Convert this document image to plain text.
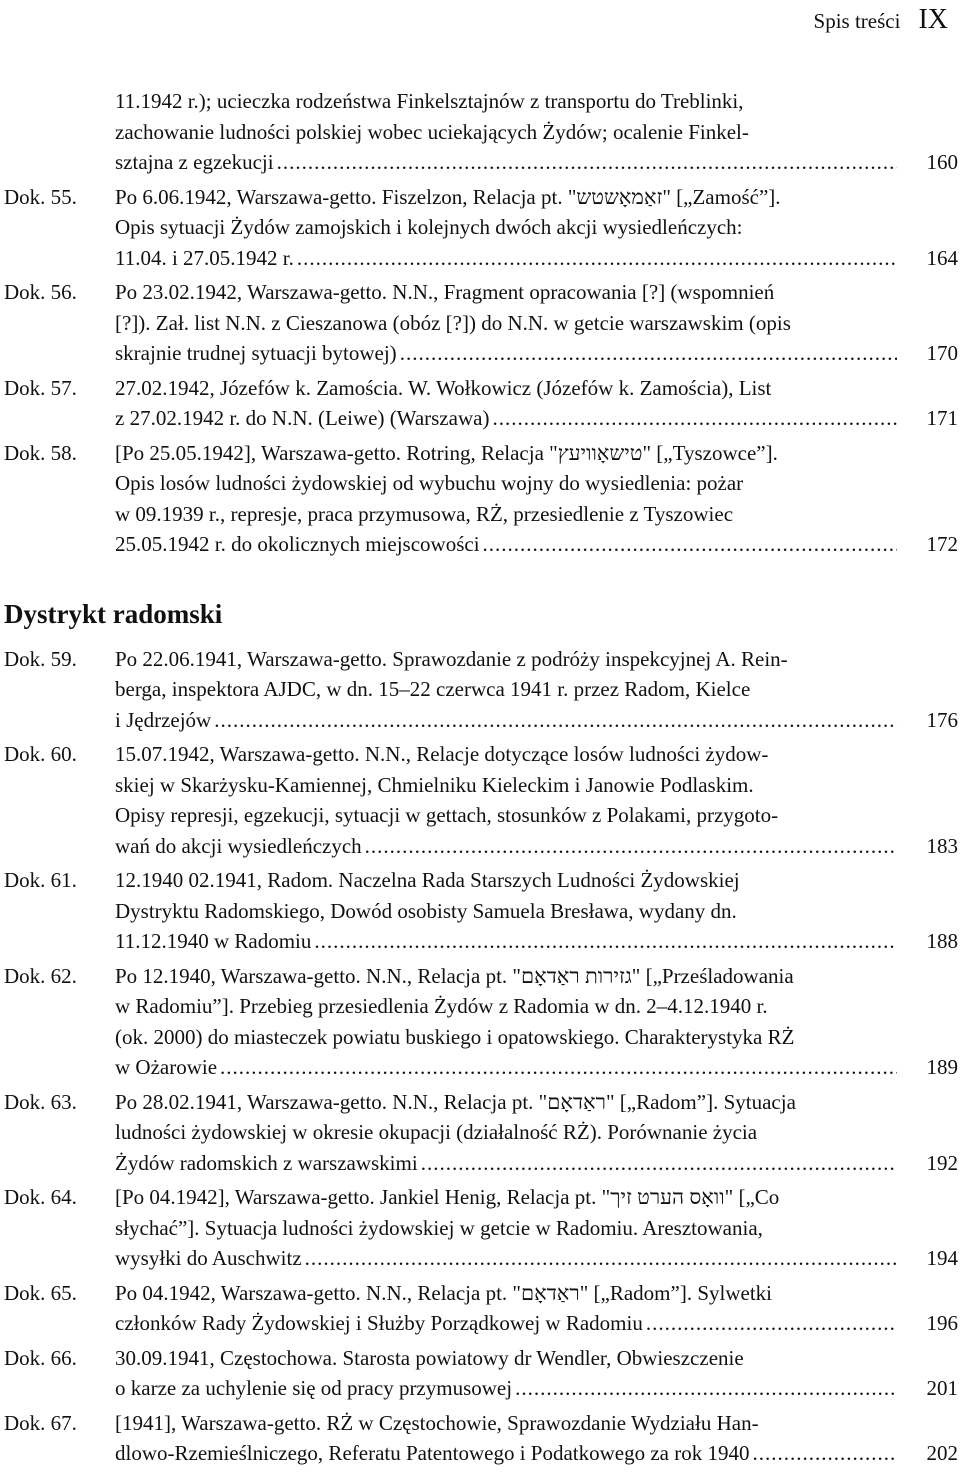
Spis treści IX
11.1942 r.); ucieczka rodzeństwa Finkelsztajnów z transportu do Treblinki,
zachowanie ludności polskiej wobec uciekających Żydów; ocalenie Finkel-
sztajna z egzekucji .....	160
Dok. 55. Po 6.06.1942, Warszawa-getto. Fiszelzon, Relacja pt. "זאַמאָשטש" [„Zamość”].
Opis sytuacji Żydów zamojskich i kolejnych dwóch akcji wysiedleńczych:
11.04. i 27.05.1942 r. .....	164
Dok. 56. Po 23.02.1942, Warszawa-getto. N.N., Fragment opracowania [?] (wspomnień
[?]). Zał. list N.N. z Cieszanowa (obóz [?]) do N.N. w getcie warszawskim (opis
skrajnie trudnej sytuacji bytowej) .....	170
Dok. 57. 27.02.1942, Józefów k. Zamościa. W. Wołkowicz (Józefów k. Zamościa), List
z 27.02.1942 r. do N.N. (Leiwe) (Warszawa) .....	171
Dok. 58. [Po 25.05.1942], Warszawa-getto. Rotring, Relacja "טישאָוויעץ" [„Tyszowce”].
Opis losów ludności żydowskiej od wybuchu wojny do wysiedlenia: pożar
w 09.1939 r., represje, praca przymusowa, RŻ, przesiedlenie z Tyszowiec
25.05.1942 r. do okolicznych miejscowości .....	172
Dystrykt radomski
Dok. 59. Po 22.06.1941, Warszawa-getto. Sprawozdanie z podróży inspekcyjnej A. Rein-
berga, inspektora AJDC, w dn. 15–22 czerwca 1941 r. przez Radom, Kielce
i Jędrzejów .....	176
Dok. 60. 15.07.1942, Warszawa-getto. N.N., Relacje dotyczące losów ludności żydow-
skiej w Skarżysku-Kamiennej, Chmielniku Kieleckim i Janowie Podlaskim.
Opisy represji, egzekucji, sytuacji w gettach, stosunków z Polakami, przygoto-
wań do akcji wysiedleńczych .....	183
Dok. 61. 12.1940 02.1941, Radom. Naczelna Rada Starszych Ludności Żydowskiej
Dystryktu Radomskiego, Dowód osobisty Samuela Bresława, wydany dn.
11.12.1940 w Radomiu .....	188
Dok. 62. Po 12.1940, Warszawa-getto. N.N., Relacja pt. "גזירות ראַדאָם" [„Prześladowania
w Radomiu”]. Przebieg przesiedlenia Żydów z Radomia w dn. 2–4.12.1940 r.
(ok. 2000) do miasteczek powiatu buskiego i opatowskiego. Charakterystyka RŻ
w Ożarowie .....	189
Dok. 63. Po 28.02.1941, Warszawa-getto. N.N., Relacja pt. "ראַדאָם" [„Radom”]. Sytuacja
ludności żydowskiej w okresie okupacji (działalność RŻ). Porównanie życia
Żydów radomskich z warszawskimi .....	192
Dok. 64. [Po 04.1942], Warszawa-getto. Jankiel Henig, Relacja pt. "וואָס הערט זיך" [„Co
słychać”]. Sytuacja ludności żydowskiej w getcie w Radomiu. Aresztowania,
wysyłki do Auschwitz .....	194
Dok. 65. Po 04.1942, Warszawa-getto. N.N., Relacja pt. "ראַדאָם" [„Radom”]. Sylwetki
członków Rady Żydowskiej i Służby Porządkowej w Radomiu .....	196
Dok. 66. 30.09.1941, Częstochowa. Starosta powiatowy dr Wendler, Obwieszczenie
o karze za uchylenie się od pracy przymusowej .....	201
Dok. 67. [1941], Warszawa-getto. RŻ w Częstochowie, Sprawozdanie Wydziału Han-
dlowo-Rzemieślniczego, Referatu Patentowego i Podatkowego za rok 1940 .....	202
